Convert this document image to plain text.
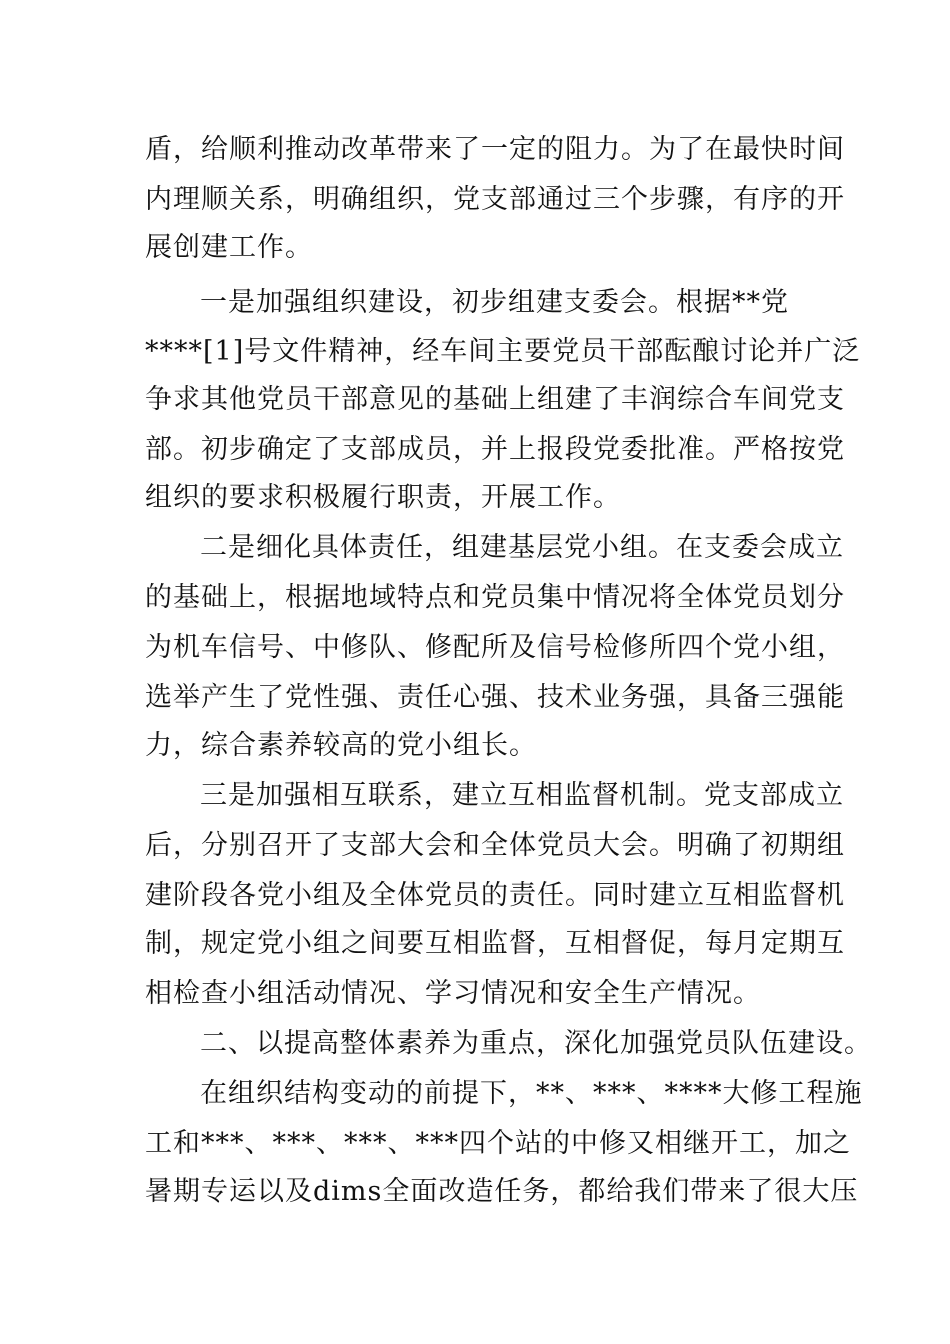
盾，给顺利推动改革带来了一定的阻力。为了在最快时间
内理顺关系，明确组织，党支部通过三个步骤，有序的开
展创建工作。
一是加强组织建设，初步组建支委会。根据**党
****[1]号文件精神，经车间主要党员干部酝酿讨论并广泛
争求其他党员干部意见的基础上组建了丰润综合车间党支
部。初步确定了支部成员，并上报段党委批准。严格按党
组织的要求积极履行职责，开展工作。
二是细化具体责任，组建基层党小组。在支委会成立
的基础上，根据地域特点和党员集中情况将全体党员划分
为机车信号、中修队、修配所及信号检修所四个党小组，
选举产生了党性强、责任心强、技术业务强，具备三强能
力，综合素养较高的党小组长。
三是加强相互联系，建立互相监督机制。党支部成立
后，分别召开了支部大会和全体党员大会。明确了初期组
建阶段各党小组及全体党员的责任。同时建立互相监督机
制，规定党小组之间要互相监督，互相督促，每月定期互
相检查小组活动情况、学习情况和安全生产情况。
二、以提高整体素养为重点，深化加强党员队伍建设。
在组织结构变动的前提下，**、***、****大修工程施
工和***、***、***、***四个站的中修又相继开工，加之
暑期专运以及dims全面改造任务，都给我们带来了很大压
